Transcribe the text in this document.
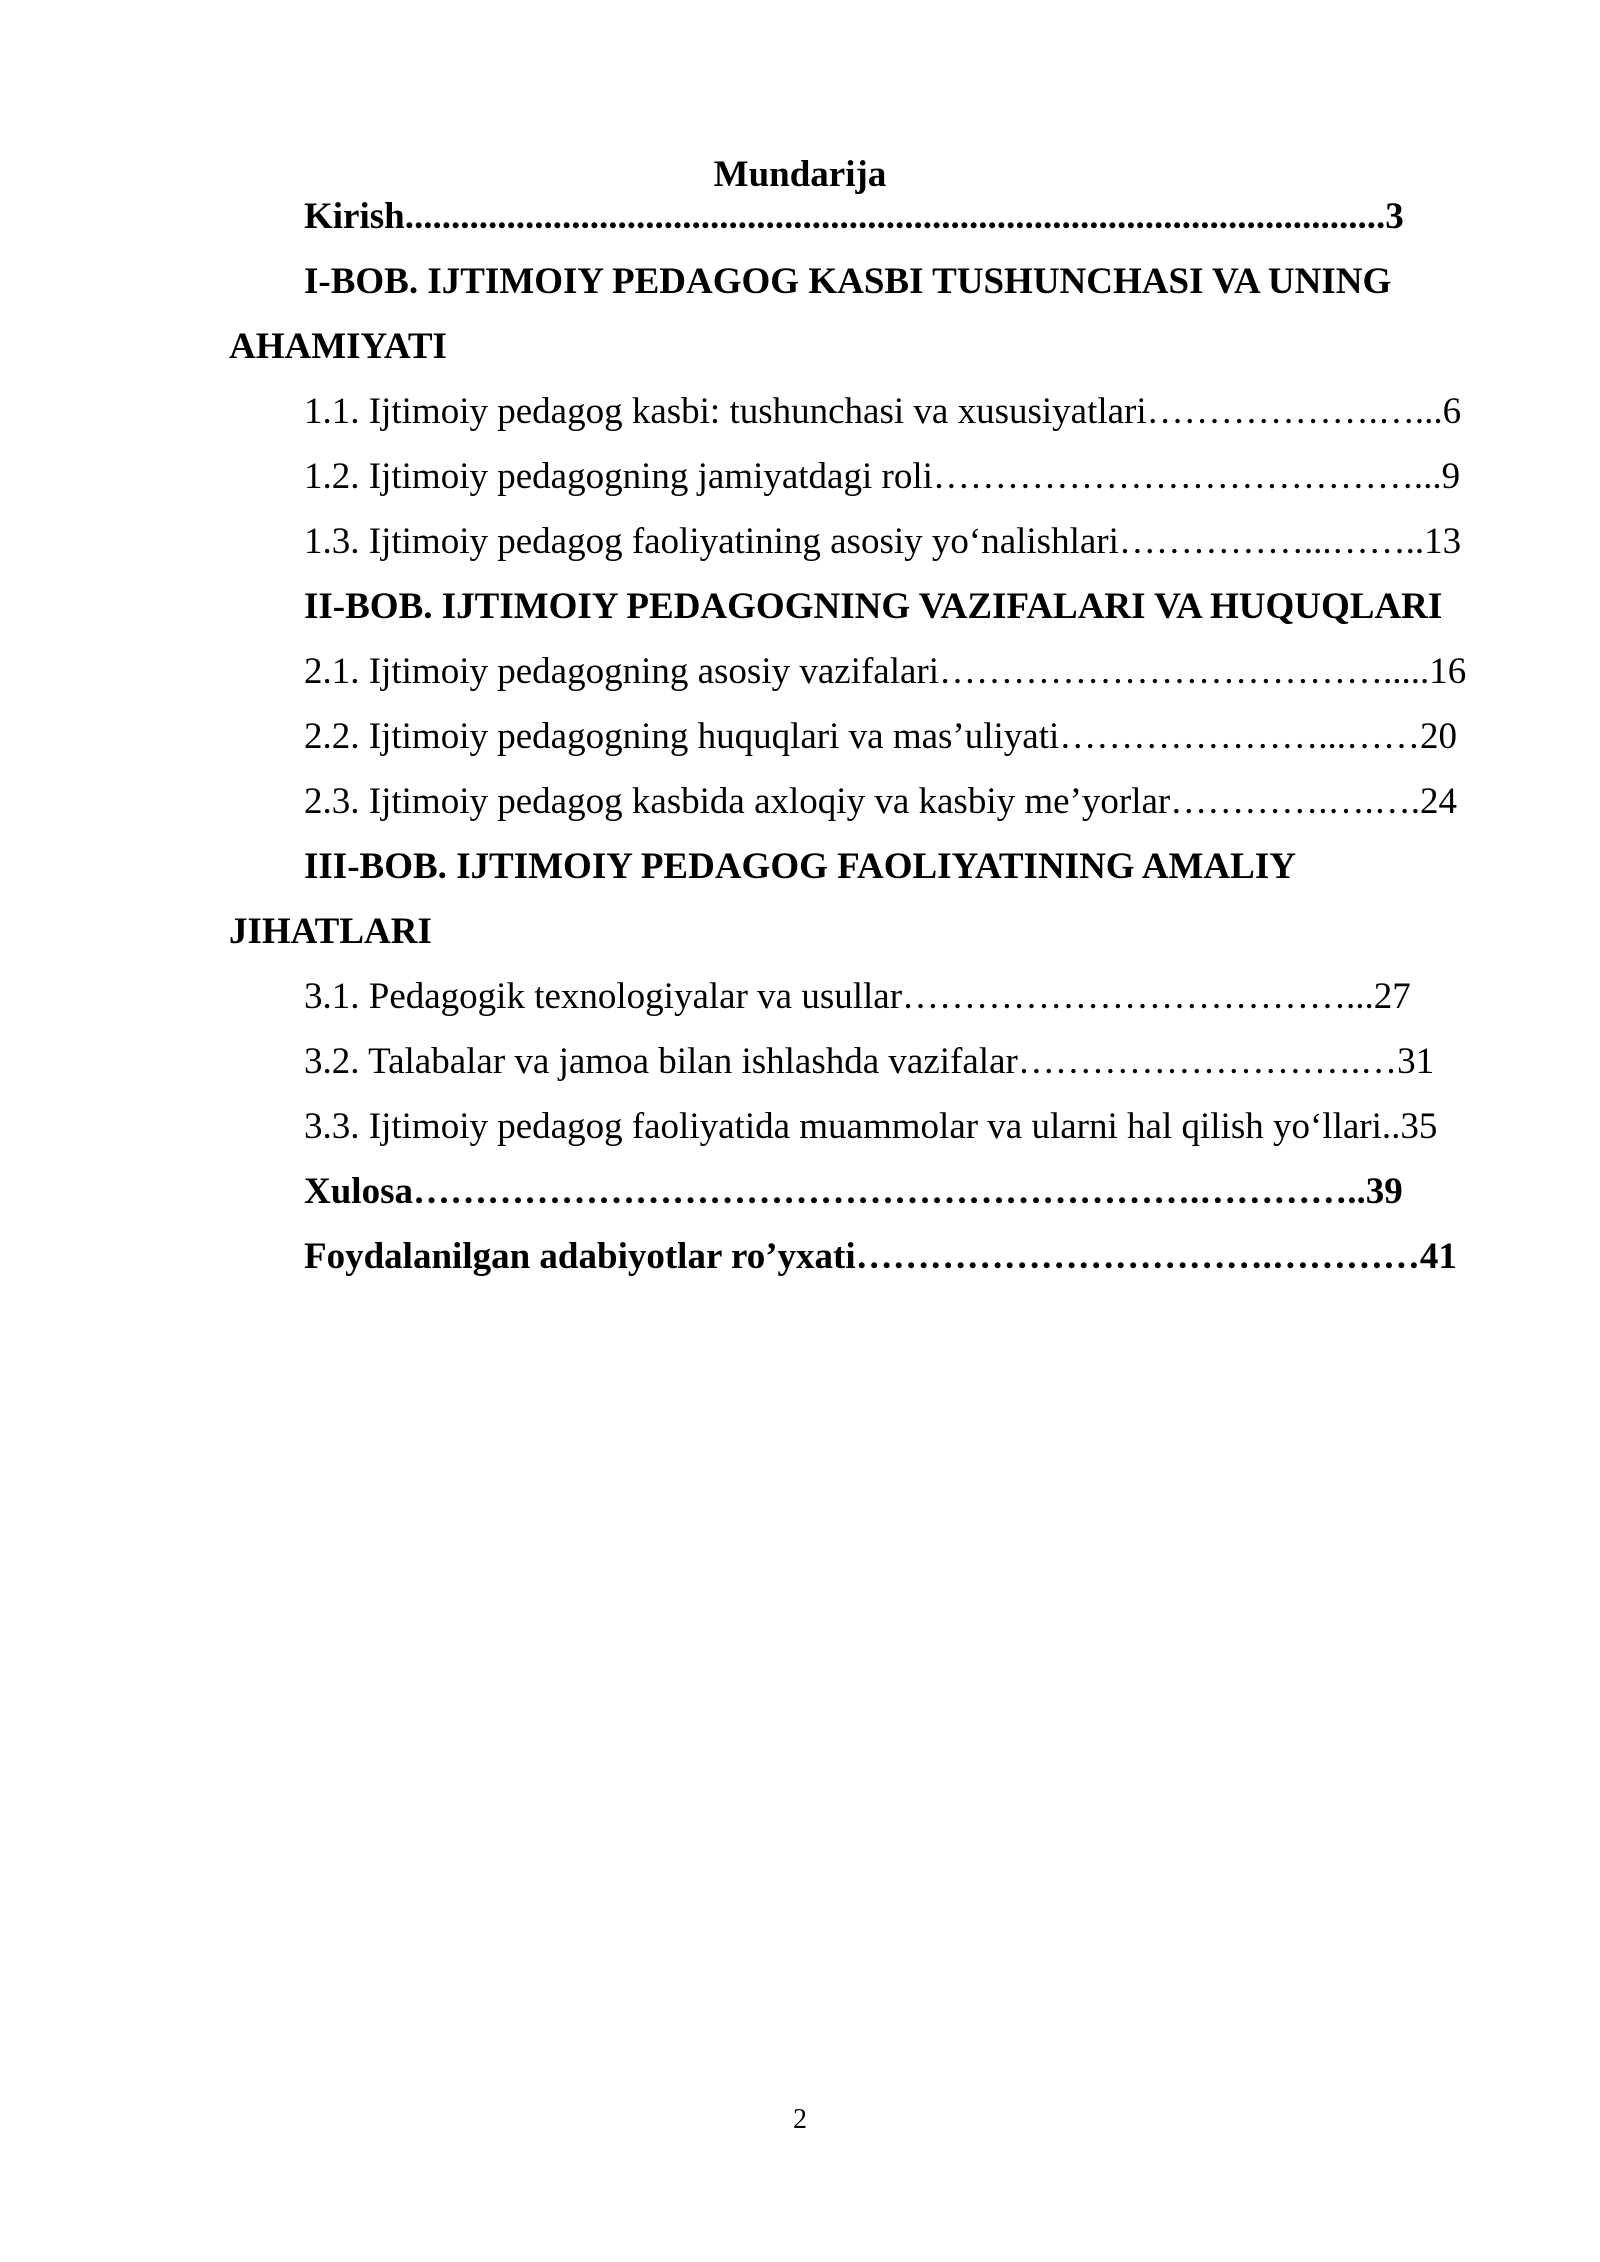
Mundarija
Kirish..........................................................................................................3
I-BOB. IJTIMOIY PEDAGOG KASBI TUSHUNCHASI VA UNING
AHAMIYATI
1.1. Ijtimoiy pedagog kasbi: tushunchasi va xususiyatlari……………….…...6
1.2. Ijtimoiy pedagogning jamiyatdagi roli…………………………………...9
1.3. Ijtimoiy pedagog faoliyatining asosiy yo‘nalishlari……………...……..13
II-BOB. IJTIMOIY PEDAGOGNING VAZIFALARI VA HUQUQLARI
2.1. Ijtimoiy pedagogning asosiy vazifalari……………………………….....16
2.2. Ijtimoiy pedagogning huquqlari va mas’uliyati…………………...……20
2.3. Ijtimoiy pedagog kasbida axloqiy va kasbiy me’yorlar………….….….24
III-BOB. IJTIMOIY PEDAGOG FAOLIYATINING AMALIY
JIHATLARI
3.1. Pedagogik texnologiyalar va usullar………………………………...27
3.2. Talabalar va jamoa bilan ishlashda vazifalar……………………….…31
3.3. Ijtimoiy pedagog faoliyatida muammolar va ularni hal qilish yo‘llari..35
Xulosa……………………………………………………….…………..39
Foydalanilgan adabiyotlar ro’yxati…………………………….…………41
2
